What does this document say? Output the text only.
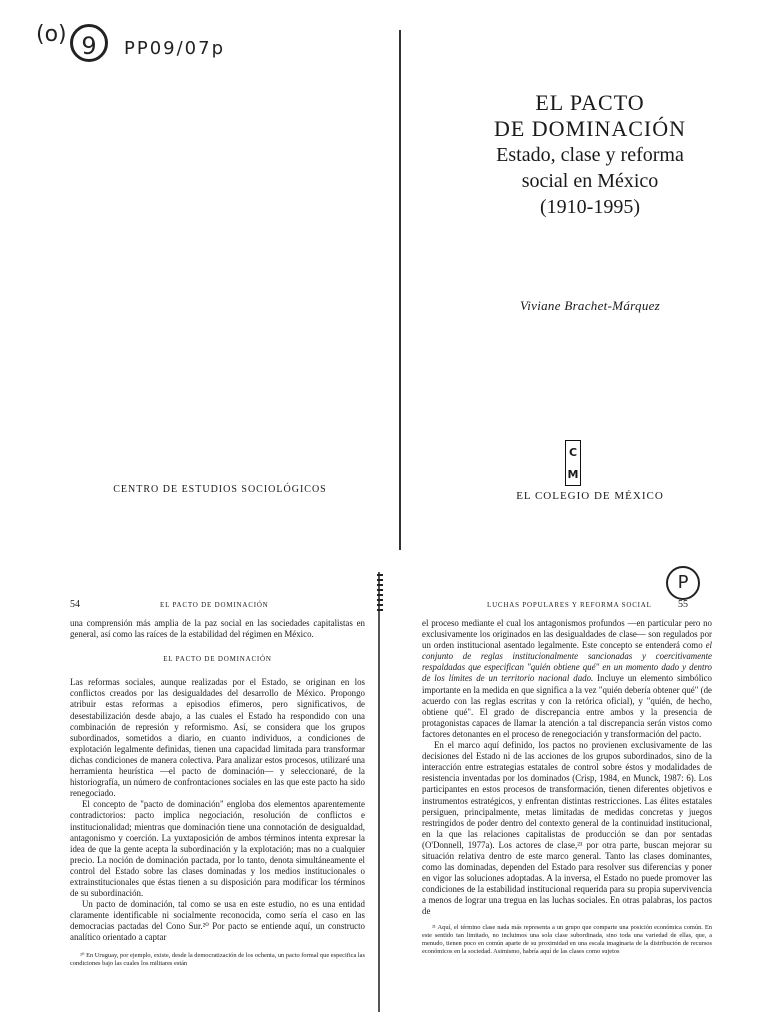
(o) 9	PP09/07p
EL PACTO
DE DOMINACIÓN
Estado, clase y reforma
social en México
(1910-1995)
Viviane Brachet-Márquez
C
M
EL COLEGIO DE MÉXICO
CENTRO DE ESTUDIOS SOCIOLÓGICOS
54	EL PACTO DE DOMINACIÓN

una comprensión más amplia de la paz social en las sociedades capitalistas en general, así como las raíces de la estabilidad del régimen en México.

EL PACTO DE DOMINACIÓN

Las reformas sociales, aunque realizadas por el Estado, se originan en los conflictos creados por las desigualdades del desarrollo de México. Propongo atribuir estas reformas a episodios efímeros, pero significativos, de desestabilización desde abajo, a las cuales el Estado ha respondido con una combinación de represión y reformismo. Así, se considera que los grupos subordinados, sometidos a diario, en cuanto individuos, a condiciones de explotación legalmente definidas, tienen una capacidad limitada para transformar dichas condiciones de manera colectiva. Para analizar estos procesos, utilizaré una herramienta heurística —el pacto de dominación— y seleccionaré, de la historiografía, un número de confrontaciones sociales en las que este pacto ha sido renegociado.

El concepto de "pacto de dominación" engloba dos elementos aparentemente contradictorios: pacto implica negociación, resolución de conflictos e institucionalidad; mientras que dominación tiene una connotación de desigualdad, antagonismo y coerción. La yuxtaposición de ambos términos intenta expresar la idea de que la gente acepta la subordinación y la explotación; mas no a cualquier precio. La noción de dominación pactada, por lo tanto, denota simultáneamente el control del Estado sobre las clases dominadas y los medios institucionales o extrainstitucionales que éstas tienen a su disposición para modificar los términos de su subordinación.

Un pacto de dominación, tal como se usa en este estudio, no es una entidad claramente identificable ni socialmente reconocida, como sería el caso en las democracias pactadas del Cono Sur.²⁰ Por pacto se entiende aquí, un constructo analítico orientado a captar

²⁰ En Uruguay, por ejemplo, existe, desde la democratización de los ochenta, un pacto formal que especifica las condiciones bajo las cuales los militares están

LUCHAS POPULARES Y REFORMA SOCIAL	55
P

el proceso mediante el cual los antagonismos profundos —en particular pero no exclusivamente los originados en las desigualdades de clase— son regulados por un orden institucional asentado legalmente. Este concepto se entenderá como el conjunto de reglas institucionalmente sancionadas y coercitivamente respaldadas que especifican "quién obtiene qué" en un momento dado y dentro de los límites de un territorio nacional dado. Incluye un elemento simbólico importante en la medida en que significa a la vez "quién debería obtener qué" (de acuerdo con las reglas escritas y con la retórica oficial), y "quién, de hecho, obtiene qué". El grado de discrepancia entre ambos y la presencia de protagonistas capaces de llamar la atención a tal discrepancia serán vistos como factores detonantes en el proceso de renegociación y transformación del pacto.

En el marco aquí definido, los pactos no provienen exclusivamente de las decisiones del Estado ni de las acciones de los grupos subordinados, sino de la interacción entre estrategias estatales de control sobre éstos y modalidades de resistencia inventadas por los dominados (Crisp, 1984, en Munck, 1987: 6). Los participantes en estos procesos de transformación, tienen diferentes objetivos e instrumentos estratégicos, y enfrentan distintas restricciones. Las élites estatales persiguen, principalmente, metas limitadas de medidas concretas y juegos restringidos de poder dentro del contexto general de la continuidad institucional, en la que las relaciones capitalistas de producción se dan por sentadas (O'Donnell, 1977a). Los actores de clase,²¹ por otra parte, buscan mejorar su situación relativa dentro de este marco general. Tanto las clases dominantes, como las dominadas, dependen del Estado para resolver sus diferencias y poner en vigor las soluciones adoptadas. A la inversa, el Estado no puede promover las condiciones de la estabilidad institucional requerida para su propia supervivencia a menos de lograr una tregua en las luchas sociales. En otras palabras, los pactos de

²¹ Aquí, el término clase nada más representa a un grupo que comparte una posición económica común. En este sentido tan limitado, no incluimos una sola clase subordinada, sino toda una variedad de ellas, que, a menudo, tienen poco en común aparte de su proximidad en una escala imaginaria de la distribución de recursos económicos en la sociedad. Asimismo, habría aquí de las clases como sujetos
